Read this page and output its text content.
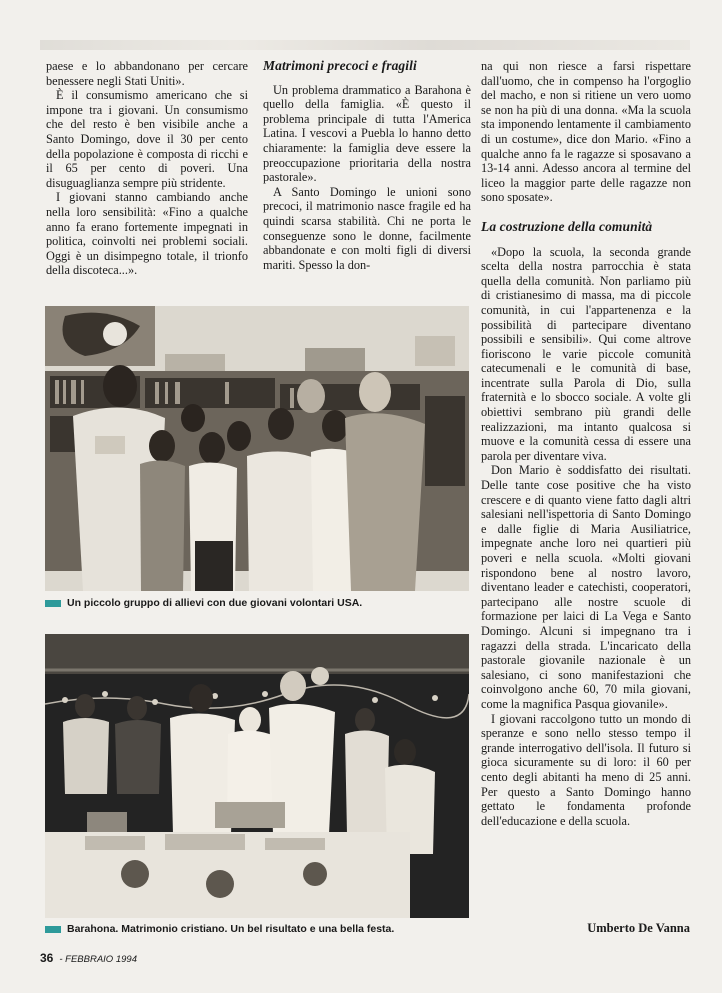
paese e lo abbandonano per cercare benessere negli Stati Uniti».

È il consumismo americano che si impone tra i giovani. Un consumismo che del resto è ben visibile anche a Santo Domingo, dove il 30 per cento della popolazione è composta di ricchi e il 65 per cento di poveri. Una disuguaglianza sempre più stridente.

I giovani stanno cambiando anche nella loro sensibilità: «Fino a qualche anno fa erano fortemente impegnati in politica, coinvolti nei problemi sociali. Oggi è un disimpegno totale, il trionfo della discoteca...».

Matrimoni precoci e fragili

Un problema drammatico a Barahona è quello della famiglia. «È questo il problema principale di tutta l'America Latina. I vescovi a Puebla lo hanno detto chiaramente: la famiglia deve essere la preoccupazione prioritaria della nostra pastorale».

A Santo Domingo le unioni sono precoci, il matrimonio nasce fragile ed ha quindi scarsa stabilità. Chi ne porta le conseguenze sono le donne, facilmente abbandonate e con molti figli di diversi mariti. Spesso la don-

na qui non riesce a farsi rispettare dall'uomo, che in compenso ha l'orgoglio del macho, e non si ritiene un vero uomo se non ha più di una donna. «Ma la scuola sta imponendo lentamente il cambiamento di un costume», dice don Mario. «Fino a qualche anno fa le ragazze si sposavano a 13-14 anni. Adesso ancora al termine del liceo la maggior parte delle ragazze non sono sposate».

La costruzione della comunità

«Dopo la scuola, la seconda grande scelta della nostra parrocchia è stata quella della comunità. Non parliamo più di cristianesimo di massa, ma di piccole comunità, in cui l'appartenenza e la possibilità di partecipare diventano possibili e sensibili». Qui come altrove fioriscono le varie piccole comunità catecumenali e le comunità di base, incentrate sulla Parola di Dio, sulla fraternità e lo sbocco sociale. A volte gli obiettivi sembrano più grandi delle realizzazioni, ma intanto qualcosa si muove e la comunità cessa di essere una parola per diventare viva.

Don Mario è soddisfatto dei risultati. Delle tante cose positive che ha visto crescere e di quanto viene fatto dagli altri salesiani nell'ispettoria di Santo Domingo e dalle figlie di Maria Ausiliatrice, impegnate anche loro nei quartieri più poveri e nella scuola. «Molti giovani rispondono bene al nostro lavoro, diventano leader e catechisti, cooperatori, partecipano alle nostre scuole di formazione per laici di La Vega e Santo Domingo. Alcuni si impegnano tra i ragazzi della strada. L'incaricato della pastorale giovanile nazionale è un salesiano, ci sono manifestazioni che coinvolgono anche 60, 70 mila giovani, come la magnifica Pasqua giovanile».

I giovani raccolgono tutto un mondo di speranze e sono nello stesso tempo il grande interrogativo dell'isola. Il futuro si gioca sicuramente su di loro: il 60 per cento degli abitanti ha meno di 25 anni. Per questo a Santo Domingo hanno gettato le fondamenta profonde dell'educazione e della scuola.

Un piccolo gruppo di allievi con due giovani volontari USA.
Barahona. Matrimonio cristiano. Un bel risultato e una bella festa.	Umberto De Vanna
36 - FEBBRAIO 1994
